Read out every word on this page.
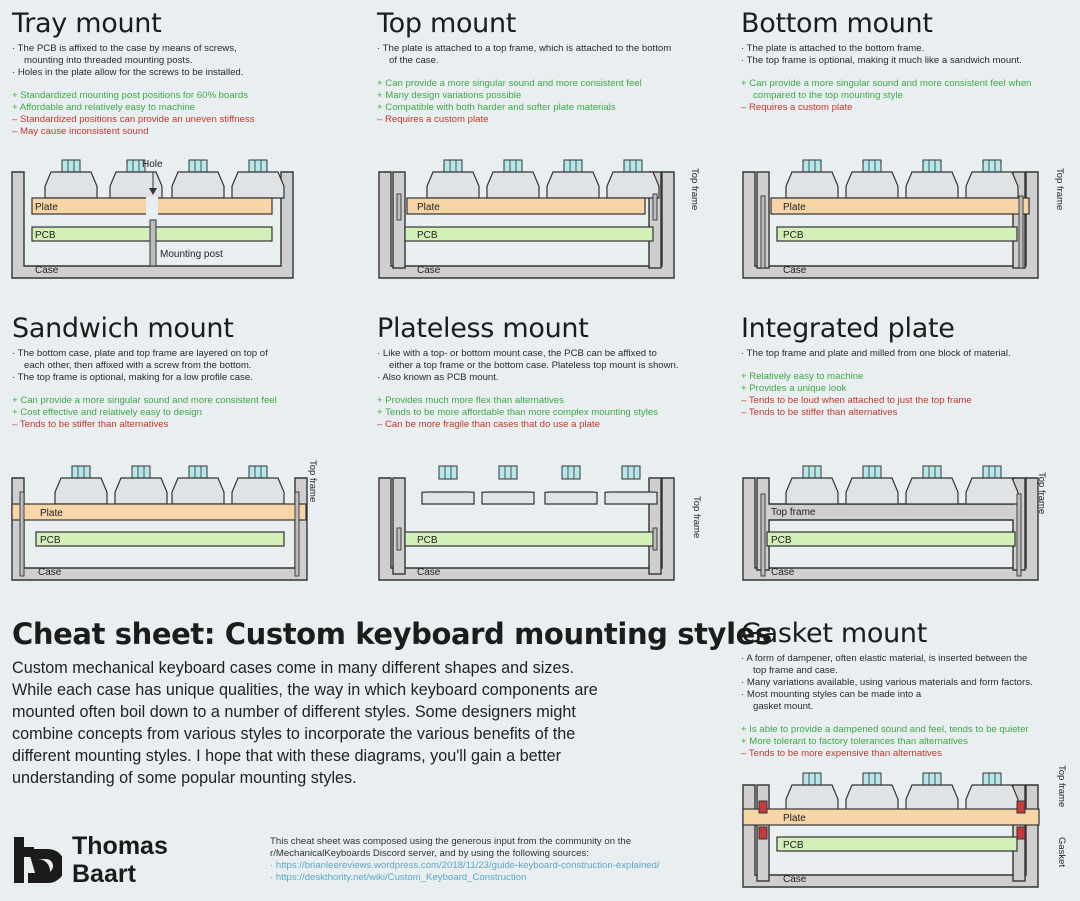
Tray mount
· The PCB is affixed to the case by means of screws,
mounting into threaded mounting posts.
· Holes in the plate allow for the screws to be installed.
+ Standardized mounting post positions for 60% boards
+ Affordable and relatively easy to machine
– Standardized positions can provide an uneven stiffness
– May cause inconsistent sound
Top mount
· The plate is attached to a top frame, which is attached to the bottom
of the case.
+ Can provide a more singular sound and more consistent feel
+ Many design variations possible
+ Compatible with both harder and softer plate materials
– Requires a custom plate
Bottom mount
· The plate is attached to the bottom frame.
· The top frame is optional, making it much like a sandwich mount.
+ Can provide a more singular sound and more consistent feel when
compared to the top mounting style
– Requires a custom plate
Sandwich mount
· The bottom case, plate and top frame are layered on top of
each other, then affixed with a screw from the bottom.
· The top frame is optional, making for a low profile case.
+ Can provide a more singular sound and more consistent feel
+ Cost effective and relatively easy to design
– Tends to be stiffer than alternatives
Plateless mount
· Like with a top- or bottom mount case, the PCB can be affixed to
either a top frame or the bottom case. Plateless top mount is shown.
· Also known as PCB mount.
+ Provides much more flex than alternatives
+ Tends to be more affordable than more complex mounting styles
– Can be more fragile than cases that do use a plate
Integrated plate
· The top frame and plate and milled from one block of material.
+ Relatively easy to machine
+ Provides a unique look
– Tends to be loud when attached to just the top frame
– Tends to be stiffer than alternatives
Gasket mount
· A form of dampener, often elastic material, is inserted between the
top frame and case.
· Many variations available, using various materials and form factors.
· Most mounting styles can be made into a
gasket mount.
+ Is able to provide a dampened sound and feel, tends to be quieter
+ More tolerant to factory tolerances than alternatives
– Tends to be more expensive than alternatives
Hole
Plate
PCB
Mounting post
Case
Plate
PCB
Case
Top frame	Plate
PCB
Case
Top frame
Plate
PCB
Case
Top frame
PCB
Case
Top frame	Top frame
PCB
Case
Top frame
Plate
PCB
Case
Top frame
Gasket
Cheat sheet: Custom keyboard mounting styles
Custom mechanical keyboard cases come in many different shapes and sizes.
While each case has unique qualities, the way in which keyboard components are
mounted often boil down to a number of different styles. Some designers might
combine concepts from various styles to incorporate the various benefits of the
different mounting styles. I hope that with these diagrams, you'll gain a better
understanding of some popular mounting styles.
Thomas
Baart
This cheat sheet was composed using the generous input from the community on the
r/MechanicalKeyboards Discord server, and by using the following sources:
· https://brianleereviews.wordpress.com/2018/11/23/guide-keyboard-construction-explained/
· https://deskthority.net/wiki/Custom_Keyboard_Construction
